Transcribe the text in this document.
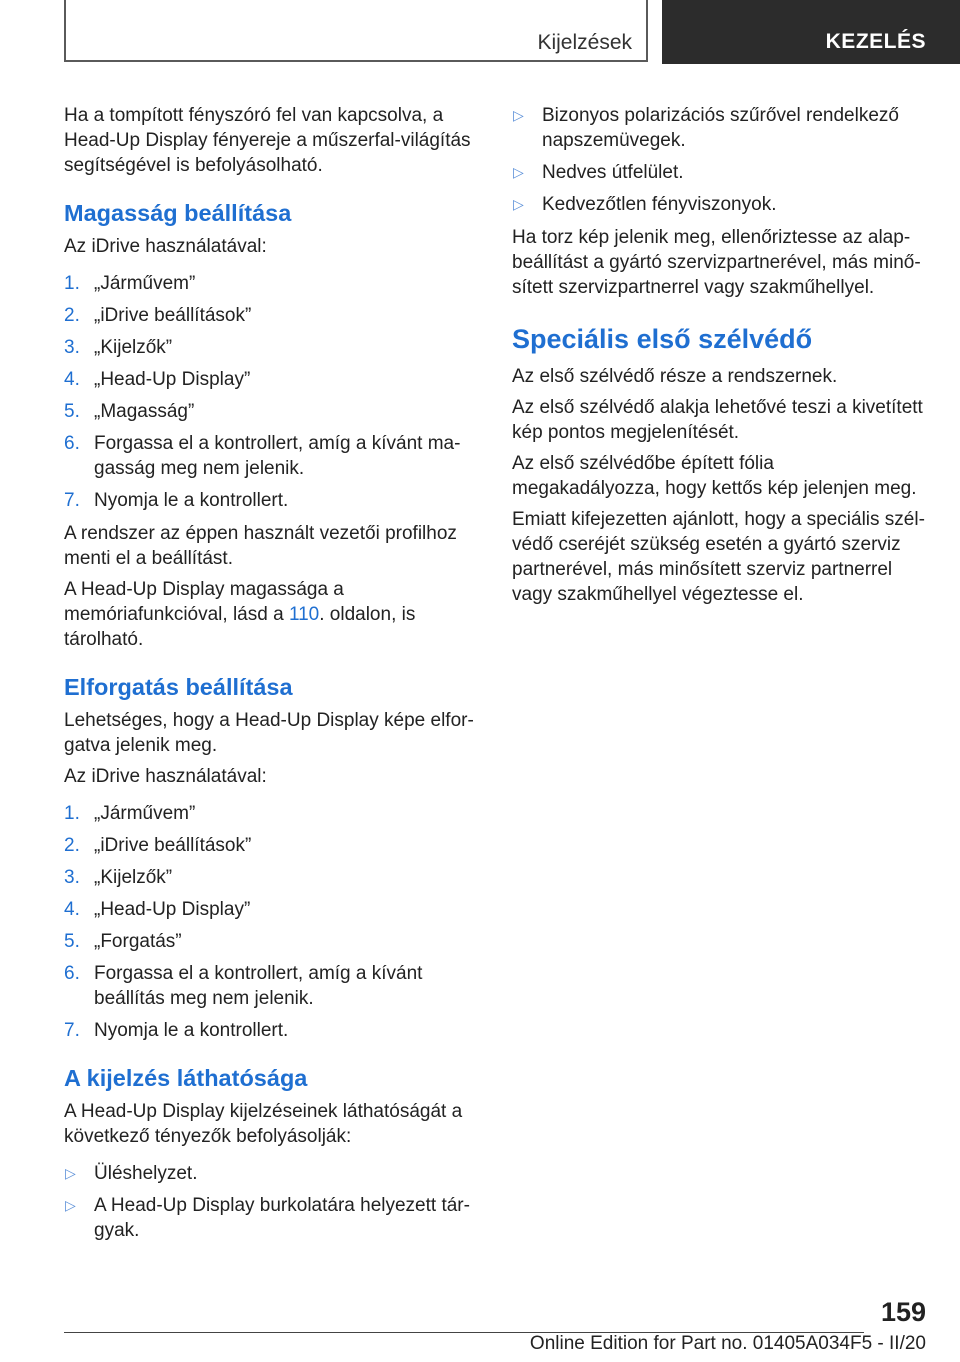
Kijelzések	KEZELÉS

Ha a tompított fényszóró fel van kapcsolva, a Head-Up Display fényereje a műszerfal-világítás segítségével is befolyásolható.

Magasság beállítása

Az iDrive használatával:

1. „Járművem”
2. „iDrive beállítások”
3. „Kijelzők”
4. „Head-Up Display”
5. „Magasság”
6. Forgassa el a kontrollert, amíg a kívánt magasság meg nem jelenik.
7. Nyomja le a kontrollert.

A rendszer az éppen használt vezetői profilhoz menti el a beállítást.

A Head-Up Display magassága a memóriafunkcióval, lásd a 110. oldalon, is tárolható.

Elforgatás beállítása

Lehetséges, hogy a Head-Up Display képe elforgatva jelenik meg.

Az iDrive használatával:

1. „Járművem”
2. „iDrive beállítások”
3. „Kijelzők”
4. „Head-Up Display”
5. „Forgatás”
6. Forgassa el a kontrollert, amíg a kívánt beállítás meg nem jelenik.
7. Nyomja le a kontrollert.
A kijelzés láthatósága

A Head-Up Display kijelzéseinek láthatóságát a következő tényezők befolyásolják:

▷ Üléshelyzet.
▷ A Head-Up Display burkolatára helyezett tárgyak.
▷ Bizonyos polarizációs szűrővel rendelkező napszemüvegek.
▷ Nedves útfelület.
▷ Kedvezőtlen fényviszonyok.

Ha torz kép jelenik meg, ellenőriztesse az alapbeállítást a gyártó szervizpartnerével, más minősített szervizpartnerrel vagy szakműhellyel.

Speciális első szélvédő

Az első szélvédő része a rendszernek.

Az első szélvédő alakja lehetővé teszi a kivetített kép pontos megjelenítését.

Az első szélvédőbe épített fólia megakadályozza, hogy kettős kép jelenjen meg.

Emiatt kifejezetten ajánlott, hogy a speciális szélvédő cseréjét szükség esetén a gyártó szerviz partnerével, más minősített szerviz partnerrel vagy szakműhellyel végeztesse el.

159
Online Edition for Part no. 01405A034F5 - II/20
